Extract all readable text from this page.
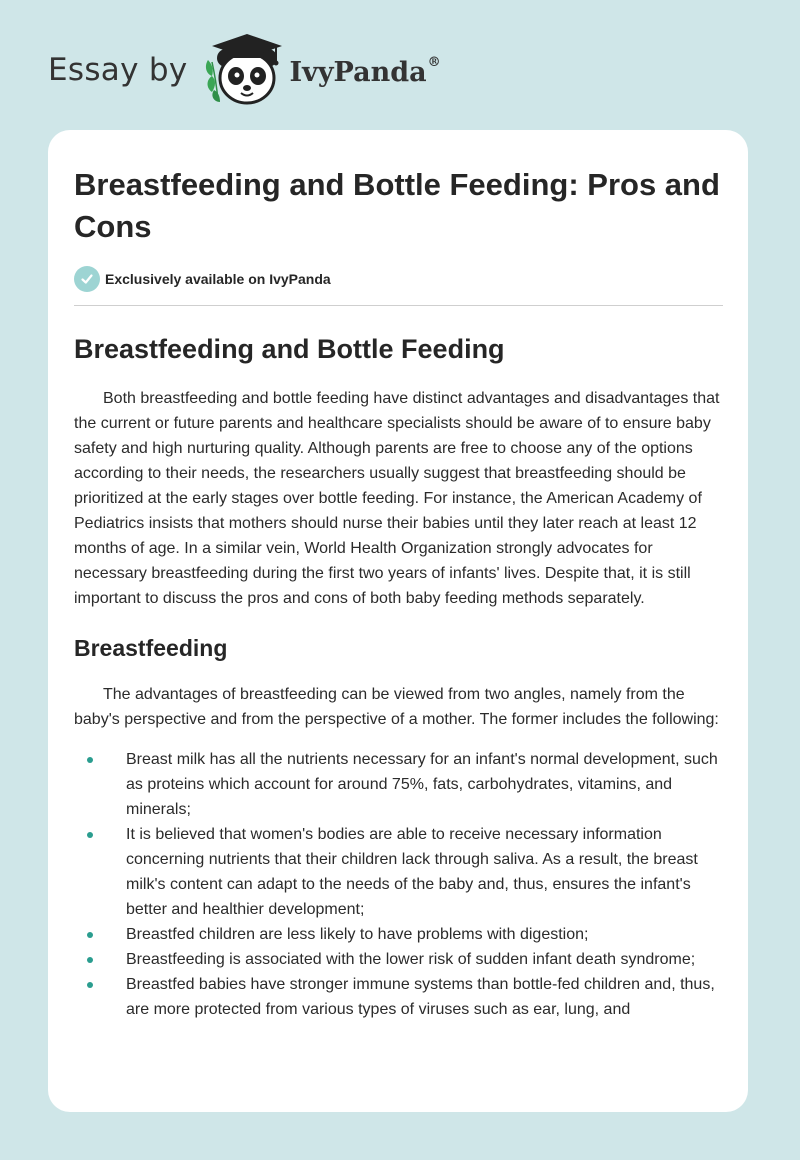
Essay by	IvyPanda®
Breastfeeding and Bottle Feeding: Pros and Cons
Exclusively available on IvyPanda
Breastfeeding and Bottle Feeding

Both breastfeeding and bottle feeding have distinct advantages and disadvantages that the current or future parents and healthcare specialists should be aware of to ensure baby safety and high nurturing quality. Although parents are free to choose any of the options according to their needs, the researchers usually suggest that breastfeeding should be prioritized at the early stages over bottle feeding. For instance, the American Academy of Pediatrics insists that mothers should nurse their babies until they later reach at least 12 months of age. In a similar vein, World Health Organization strongly advocates for necessary breastfeeding during the first two years of infants' lives. Despite that, it is still important to discuss the pros and cons of both baby feeding methods separately.

Breastfeeding

The advantages of breastfeeding can be viewed from two angles, namely from the baby's perspective and from the perspective of a mother. The former includes the following:

Breast milk has all the nutrients necessary for an infant's normal development, such as proteins which account for around 75%, fats, carbohydrates, vitamins, and minerals;
It is believed that women's bodies are able to receive necessary information concerning nutrients that their children lack through saliva. As a result, the breast milk's content can adapt to the needs of the baby and, thus, ensures the infant's better and healthier development;
Breastfed children are less likely to have problems with digestion;
Breastfeeding is associated with the lower risk of sudden infant death syndrome;
Breastfed babies have stronger immune systems than bottle-fed children and, thus, are more protected from various types of viruses such as ear, lung, and
